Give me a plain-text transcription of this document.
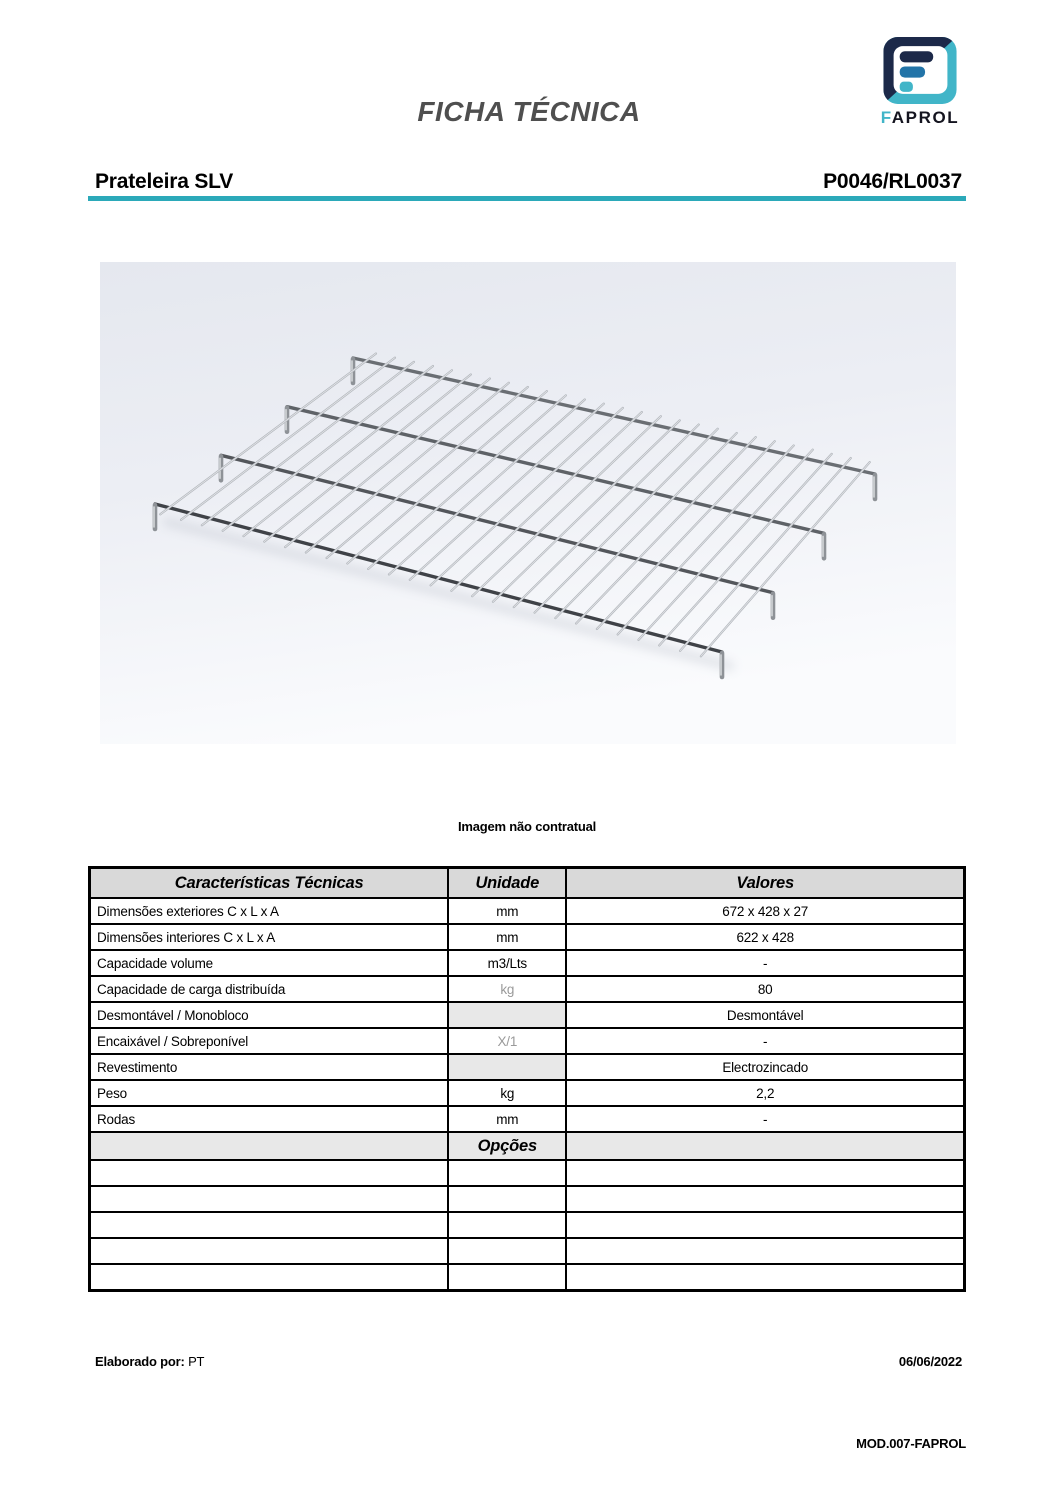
FICHA TÉCNICA	FAPROL
Prateleira SLV	P0046/RL0037
Imagem não contratual
Características Técnicas	Unidade	Valores
Dimensões exteriores C x L x A	mm	672 x 428 x 27
Dimensões interiores C x L x A	mm	622 x 428
Capacidade volume	m3/Lts	-
Capacidade de carga distribuída	kg	80
Desmontável / Monobloco		Desmontável
Encaixável / Sobreponível	X/1	-
Revestimento		Electrozincado
Peso	kg	2,2
Rodas	mm	-
	Opções	

Elaborado por: PT	06/06/2022
MOD.007-FAPROL
